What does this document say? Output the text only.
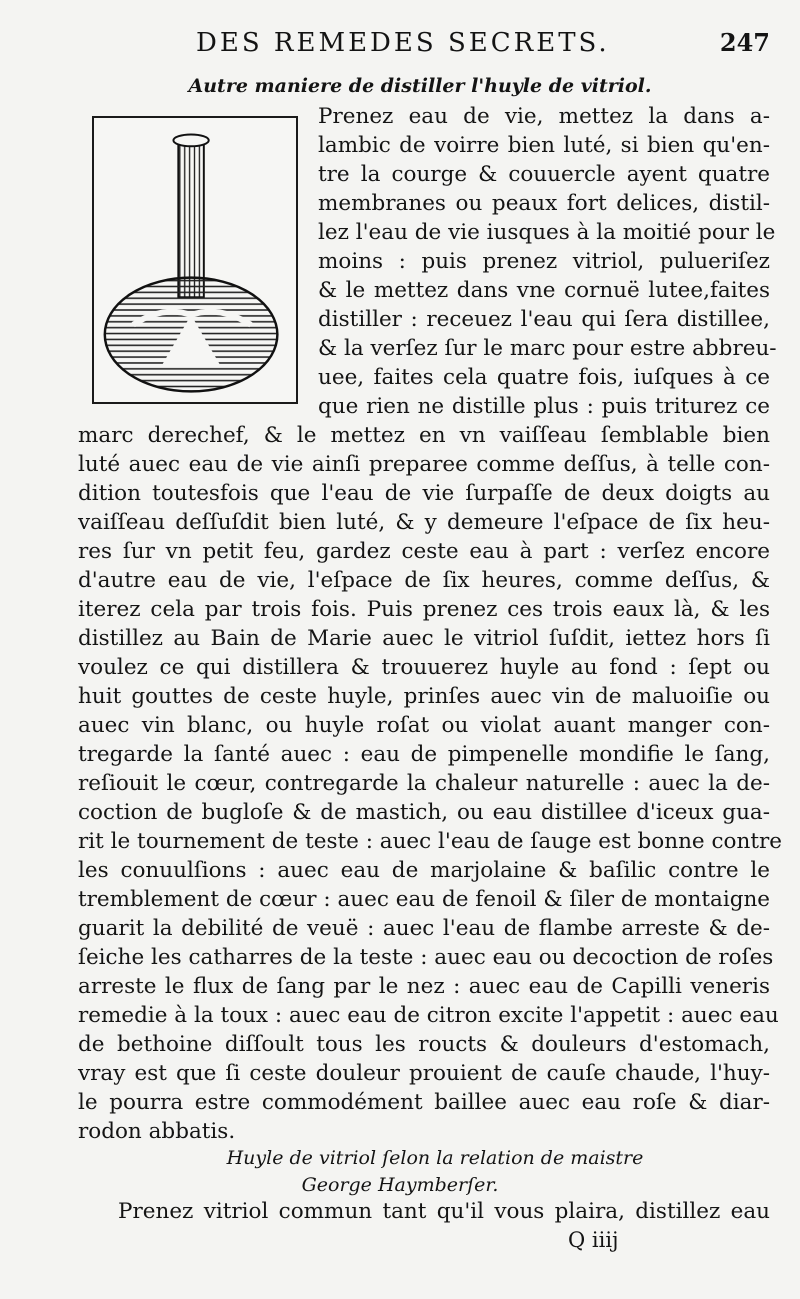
DES REMEDES SECRETS.	247
Autre maniere de distiller l'huyle de vitriol.
Prenez eau de vie, mettez la dans a-
lambic de voirre bien luté, si bien qu'en-
tre la courge & couuercle ayent quatre
membranes ou peaux fort delices, distil-
lez l'eau de vie iusques à la moitié pour le
moins : puis prenez vitriol, pulueriſez
& le mettez dans vne cornuë lutee,faites
distiller : receuez l'eau qui ſera distillee,
& la verſez ſur le marc pour estre abbreu-
uee, faites cela quatre fois, iuſques à ce
que rien ne distille plus : puis triturez ce
marc derechef, & le mettez en vn vaiſſeau ſemblable bien
luté auec eau de vie ainſi preparee comme deſſus, à telle con-
dition toutesfois que l'eau de vie ſurpaſſe de deux doigts au
vaiſſeau deſſuſdit bien luté, & y demeure l'eſpace de ſix heu-
res ſur vn petit feu, gardez ceste eau à part : verſez encore
d'autre eau de vie, l'eſpace de ſix heures, comme deſſus, &
iterez cela par trois fois. Puis prenez ces trois eaux là, & les
distillez au Bain de Marie auec le vitriol ſuſdit, iettez hors ſi
voulez ce qui distillera & trouuerez huyle au fond : ſept ou
huit gouttes de ceste huyle, prinſes auec vin de maluoiſie ou
auec vin blanc, ou huyle roſat ou violat auant manger con-
tregarde la ſanté auec : eau de pimpenelle mondifie le ſang,
reſiouit le cœur, contregarde la chaleur naturelle : auec la de-
coction de bugloſe & de mastich, ou eau distillee d'iceux gua-
rit le tournement de teste : auec l'eau de ſauge est bonne contre
les conuulſions : auec eau de marjolaine & baſilic contre le
tremblement de cœur : auec eau de fenoil & ſiler de montaigne
guarit la debilité de veuë : auec l'eau de flambe arreste & de-
ſeiche les catharres de la teste : auec eau ou decoction de roſes
arreste le flux de ſang par le nez : auec eau de Capilli veneris
remedie à la toux : auec eau de citron excite l'appetit : auec eau
de bethoine diſſoult tous les roucts & douleurs d'estomach,
vray est que ſi ceste douleur prouient de cauſe chaude, l'huy-
le pourra estre commodément baillee auec eau roſe & diar-
rodon abbatis.
Huyle de vitriol ſelon la relation de maistre
George Haymberſer.
Prenez vitriol commun tant qu'il vous plaira, distillez eau
Q iiij
